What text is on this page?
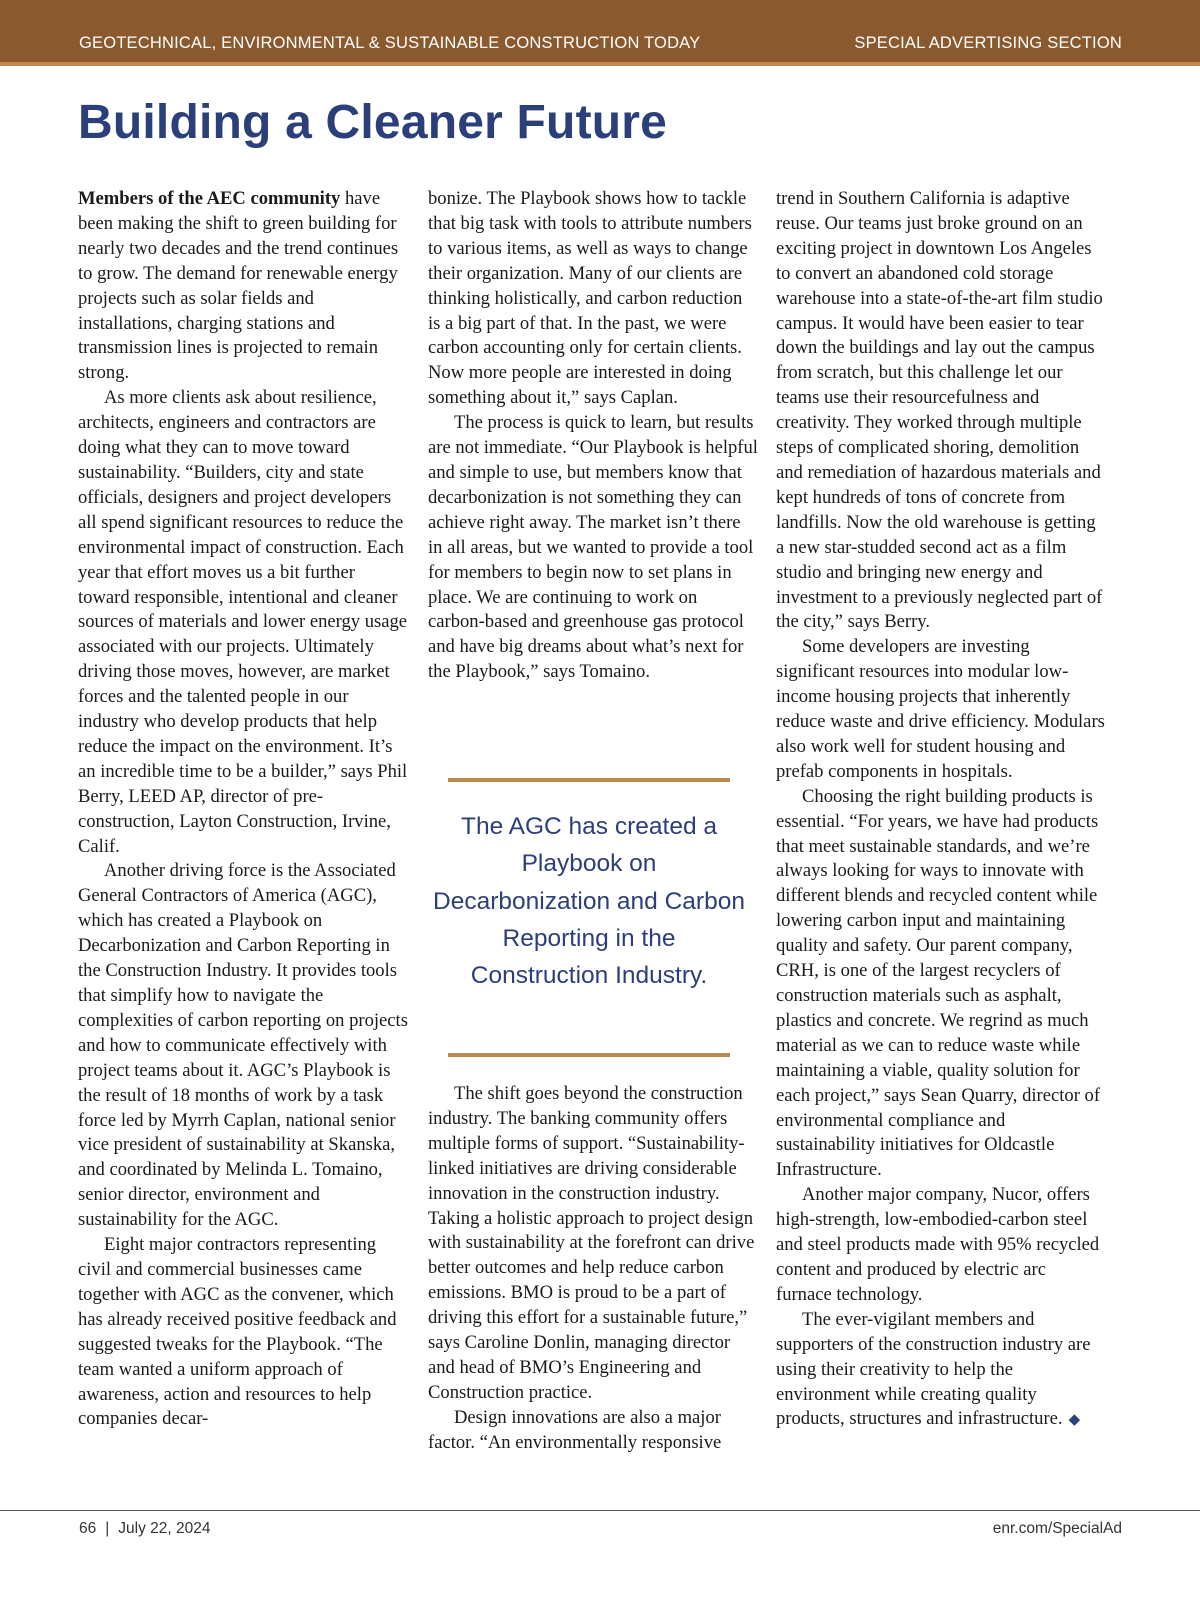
GEOTECHNICAL, ENVIRONMENTAL & SUSTAINABLE CONSTRUCTION TODAY	SPECIAL ADVERTISING SECTION
Building a Cleaner Future

Members of the AEC community have been making the shift to green building for nearly two decades and the trend continues to grow. The demand for renewable energy projects such as solar fields and installations, charging stations and transmission lines is projected to remain strong.

As more clients ask about resilience, architects, engineers and contractors are doing what they can to move toward sustainability. “Builders, city and state officials, designers and project developers all spend significant resources to reduce the environmental impact of construction. Each year that effort moves us a bit further toward responsible, intentional and cleaner sources of materials and lower energy usage associated with our projects. Ultimately driving those moves, however, are market forces and the talented people in our industry who develop products that help reduce the impact on the environment. It’s an incredible time to be a builder,” says Phil Berry, LEED AP, director of pre-construction, Layton Construction, Irvine, Calif.

Another driving force is the Associated General Contractors of America (AGC), which has created a Playbook on Decarbonization and Carbon Reporting in the Construction Industry. It provides tools that simplify how to navigate the complexities of carbon reporting on projects and how to communicate effectively with project teams about it. AGC’s Playbook is the result of 18 months of work by a task force led by Myrrh Caplan, national senior vice president of sustainability at Skanska, and coordinated by Melinda L. Tomaino, senior director, environment and sustainability for the AGC.

Eight major contractors representing civil and commercial businesses came together with AGC as the convener, which has already received positive feedback and suggested tweaks for the Playbook. “The team wanted a uniform approach of awareness, action and resources to help companies decar-

bonize. The Playbook shows how to tackle that big task with tools to attribute numbers to various items, as well as ways to change their organization. Many of our clients are thinking holistically, and carbon reduction is a big part of that. In the past, we were carbon accounting only for certain clients. Now more people are interested in doing something about it,” says Caplan.

The process is quick to learn, but results are not immediate. “Our Playbook is helpful and simple to use, but members know that decarbonization is not something they can achieve right away. The market isn’t there in all areas, but we wanted to provide a tool for members to begin now to set plans in place. We are continuing to work on carbon-based and greenhouse gas protocol and have big dreams about what’s next for the Playbook,” says Tomaino.

The AGC has created a Playbook on Decarbonization and Carbon Reporting in the Construction Industry.

The shift goes beyond the construction industry. The banking community offers multiple forms of support. “Sustainability-linked initiatives are driving considerable innovation in the construction industry. Taking a holistic approach to project design with sustainability at the forefront can drive better outcomes and help reduce carbon emissions. BMO is proud to be a part of driving this effort for a sustainable future,” says Caroline Donlin, managing director and head of BMO’s Engineering and Construction practice.

Design innovations are also a major factor. “An environmentally responsive

trend in Southern California is adaptive reuse. Our teams just broke ground on an exciting project in downtown Los Angeles to convert an abandoned cold storage warehouse into a state-of-the-art film studio campus. It would have been easier to tear down the buildings and lay out the campus from scratch, but this challenge let our teams use their resourcefulness and creativity. They worked through multiple steps of complicated shoring, demolition and remediation of hazardous materials and kept hundreds of tons of concrete from landfills. Now the old warehouse is getting a new star-studded second act as a film studio and bringing new energy and investment to a previously neglected part of the city,” says Berry.

Some developers are investing significant resources into modular low-income housing projects that inherently reduce waste and drive efficiency. Modulars also work well for student housing and prefab components in hospitals.

Choosing the right building products is essential. “For years, we have had products that meet sustainable standards, and we’re always looking for ways to innovate with different blends and recycled content while lowering carbon input and maintaining quality and safety. Our parent company, CRH, is one of the largest recyclers of construction materials such as asphalt, plastics and concrete. We regrind as much material as we can to reduce waste while maintaining a viable, quality solution for each project,” says Sean Quarry, director of environmental compliance and sustainability initiatives for Oldcastle Infrastructure.

Another major company, Nucor, offers high-strength, low-embodied-carbon steel and steel products made with 95% recycled content and produced by electric arc furnace technology.

The ever-vigilant members and supporters of the construction industry are using their creativity to help the environment while creating quality products, structures and infrastructure. ◆

66 | July 22, 2024	enr.com/SpecialAd
